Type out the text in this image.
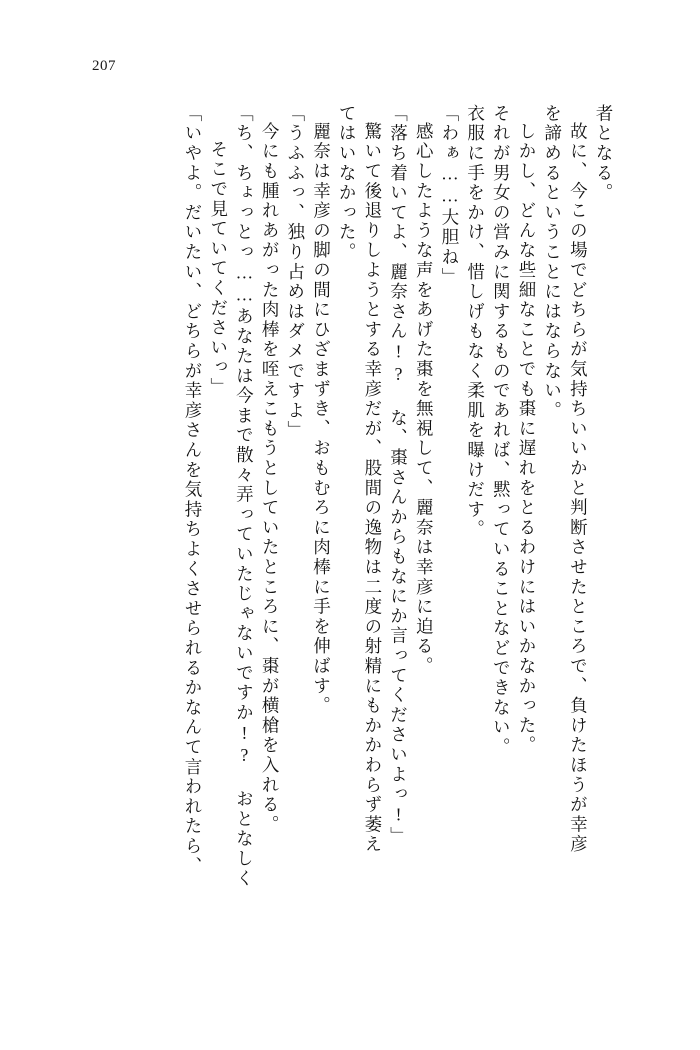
207
者となる。
故に、今この場でどちらが気持ちいいかと判断させたところで、負けたほうが幸彦
を諦めるということにはならない。
しかし、どんな些細なことでも棗に遅れをとるわけにはいかなかった。
それが男女の営みに関するものであれば、黙っていることなどできない。
衣服に手をかけ、惜しげもなく柔肌を曝けだす。
「わぁ……大胆ね」
感心したような声をあげた棗を無視して、麗奈は幸彦に迫る。
「落ち着いてよ、麗奈さん!? な、棗さんからもなにか言ってくださいよっ!」
驚いて後退りしようとする幸彦だが、股間の逸物は二度の射精にもかかわらず萎え
てはいなかった。
麗奈は幸彦の脚の間にひざまずき、おもむろに肉棒に手を伸ばす。
「うふふっ、独り占めはダメですよ」
今にも腫れあがった肉棒を咥えこもうとしていたところに、棗が横槍を入れる。
「ち、ちょっとっ……あなたは今まで散々弄っていたじゃないですか!? おとなしく
そこで見ていてくださいっ」
「いやよ。だいたい、どちらが幸彦さんを気持ちよくさせられるかなんて言われたら、
